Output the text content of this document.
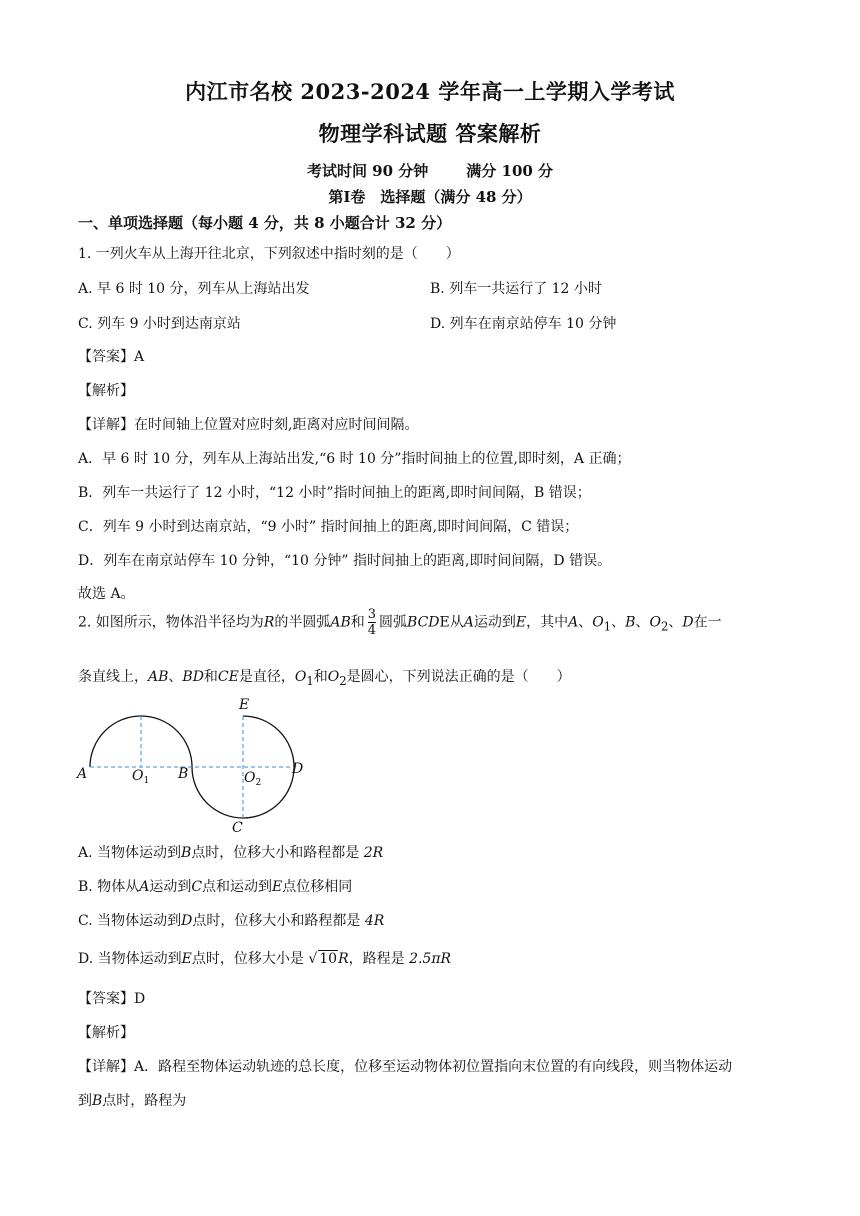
内江市名校 2023-2024 学年高一上学期入学考试
物理学科试题 答案解析
考试时间 90 分钟	满分 100 分
第Ⅰ卷　选择题（满分 48 分）
一、单项选择题（每小题 4 分，共 8 小题合计 32 分）
1. 一列火车从上海开往北京，下列叙述中指时刻的是（　　）
A. 早 6 时 10 分，列车从上海站出发	B. 列车一共运行了 12 小时
C. 列车 9 小时到达南京站	D. 列车在南京站停车 10 分钟
【答案】A
【解析】
【详解】在时间轴上位置对应时刻,距离对应时间间隔。
A．早 6 时 10 分，列车从上海站出发,“6 时 10 分”指时间抽上的位置,即时刻，A 正确；
B．列车一共运行了 12 小时，“12 小时”指时间抽上的距离,即时间间隔，B 错误；
C．列车 9 小时到达南京站，“9 小时” 指时间抽上的距离,即时间间隔，C 错误；
D．列车在南京站停车 10 分钟，“10 分钟” 指时间抽上的距离,即时间间隔，D 错误。
故选 A。
2. 如图所示，物体沿半径均为R的半圆弧AB和 $\frac{3}{4}$ 圆弧BCDE从A运动到E，其中A、$O_1$、B、$O_2$、D在一
条直线上，AB、BD和CE是直径，$O_1$和$O_2$是圆心，下列说法正确的是（　　）
A	$O_1$ B	$O_2$
D
E
C
A. 当物体运动到B点时，位移大小和路程都是 2R
B. 物体从A运动到C点和运动到E点位移相同
C. 当物体运动到D点时，位移大小和路程都是 4R
D. 当物体运动到E点时，位移大小是 √ 10R，路程是 2.5πR
【答案】D
【解析】
【详解】A．路程至物体运动轨迹的总长度，位移至运动物体初位置指向末位置的有向线段，则当物体运动
到B点时，路程为
